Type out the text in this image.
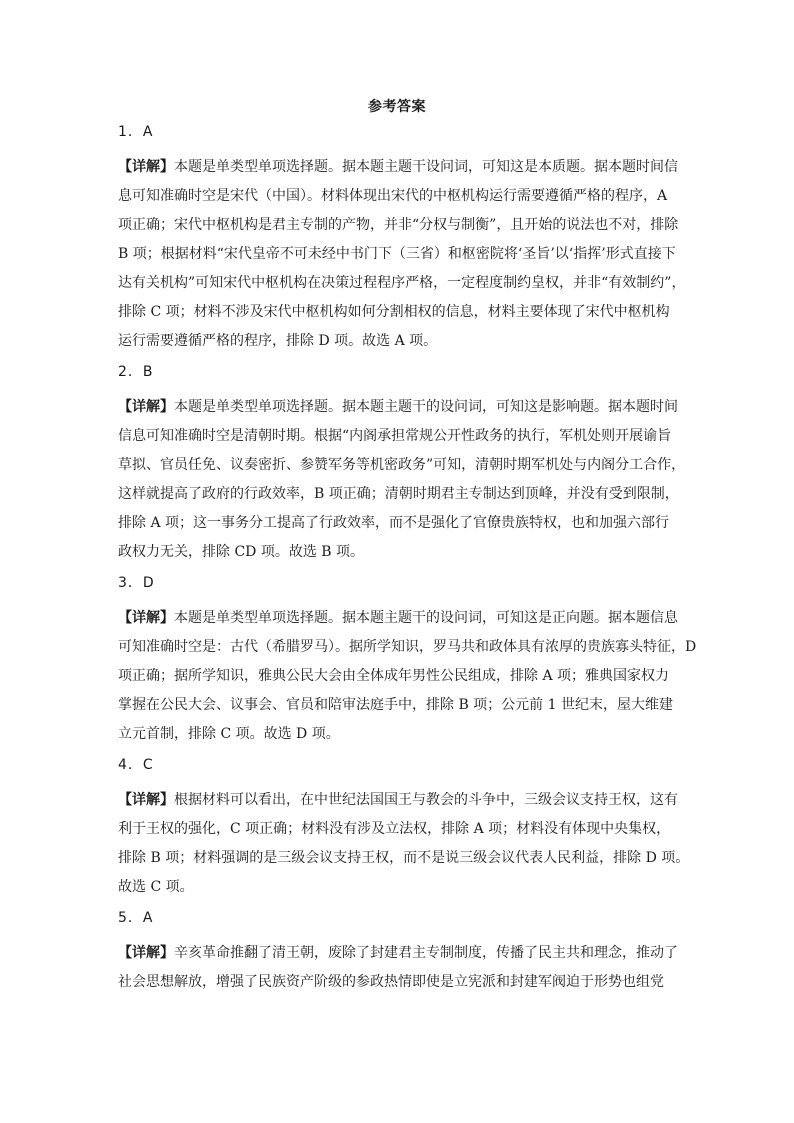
参考答案
1．A
【详解】本题是单类型单项选择题。据本题主题干设问词，可知这是本质题。据本题时间信
息可知准确时空是宋代（中国）。材料体现出宋代的中枢机构运行需要遵循严格的程序，A
项正确；宋代中枢机构是君主专制的产物，并非“分权与制衡”，且开始的说法也不对，排除
B 项；根据材料“宋代皇帝不可未经中书门下（三省）和枢密院将‘圣旨’以‘指挥’形式直接下
达有关机构”可知宋代中枢机构在决策过程程序严格，一定程度制约皇权，并非“有效制约”，
排除 C 项；材料不涉及宋代中枢机构如何分割相权的信息，材料主要体现了宋代中枢机构
运行需要遵循严格的程序，排除 D 项。故选 A 项。
2．B
【详解】本题是单类型单项选择题。据本题主题干的设问词，可知这是影响题。据本题时间
信息可知准确时空是清朝时期。根据“内阁承担常规公开性政务的执行，军机处则开展谕旨
草拟、官员任免、议奏密折、参赞军务等机密政务”可知，清朝时期军机处与内阁分工合作，
这样就提高了政府的行政效率，B 项正确；清朝时期君主专制达到顶峰，并没有受到限制，
排除 A 项；这一事务分工提高了行政效率，而不是强化了官僚贵族特权，也和加强六部行
政权力无关，排除 CD 项。故选 B 项。
3．D
【详解】本题是单类型单项选择题。据本题主题干的设问词，可知这是正向题。据本题信息
可知准确时空是：古代（希腊罗马）。据所学知识，罗马共和政体具有浓厚的贵族寡头特征，D
项正确；据所学知识，雅典公民大会由全体成年男性公民组成，排除 A 项；雅典国家权力
掌握在公民大会、议事会、官员和陪审法庭手中，排除 B 项；公元前 1 世纪末，屋大维建
立元首制，排除 C 项。故选 D 项。
4．C
【详解】根据材料可以看出，在中世纪法国国王与教会的斗争中，三级会议支持王权，这有
利于王权的强化，C 项正确；材料没有涉及立法权，排除 A 项；材料没有体现中央集权，
排除 B 项；材料强调的是三级会议支持王权，而不是说三级会议代表人民利益，排除 D 项。
故选 C 项。
5．A
【详解】辛亥革命推翻了清王朝，废除了封建君主专制制度，传播了民主共和理念，推动了
社会思想解放，增强了民族资产阶级的参政热情即使是立宪派和封建军阀迫于形势也组党
